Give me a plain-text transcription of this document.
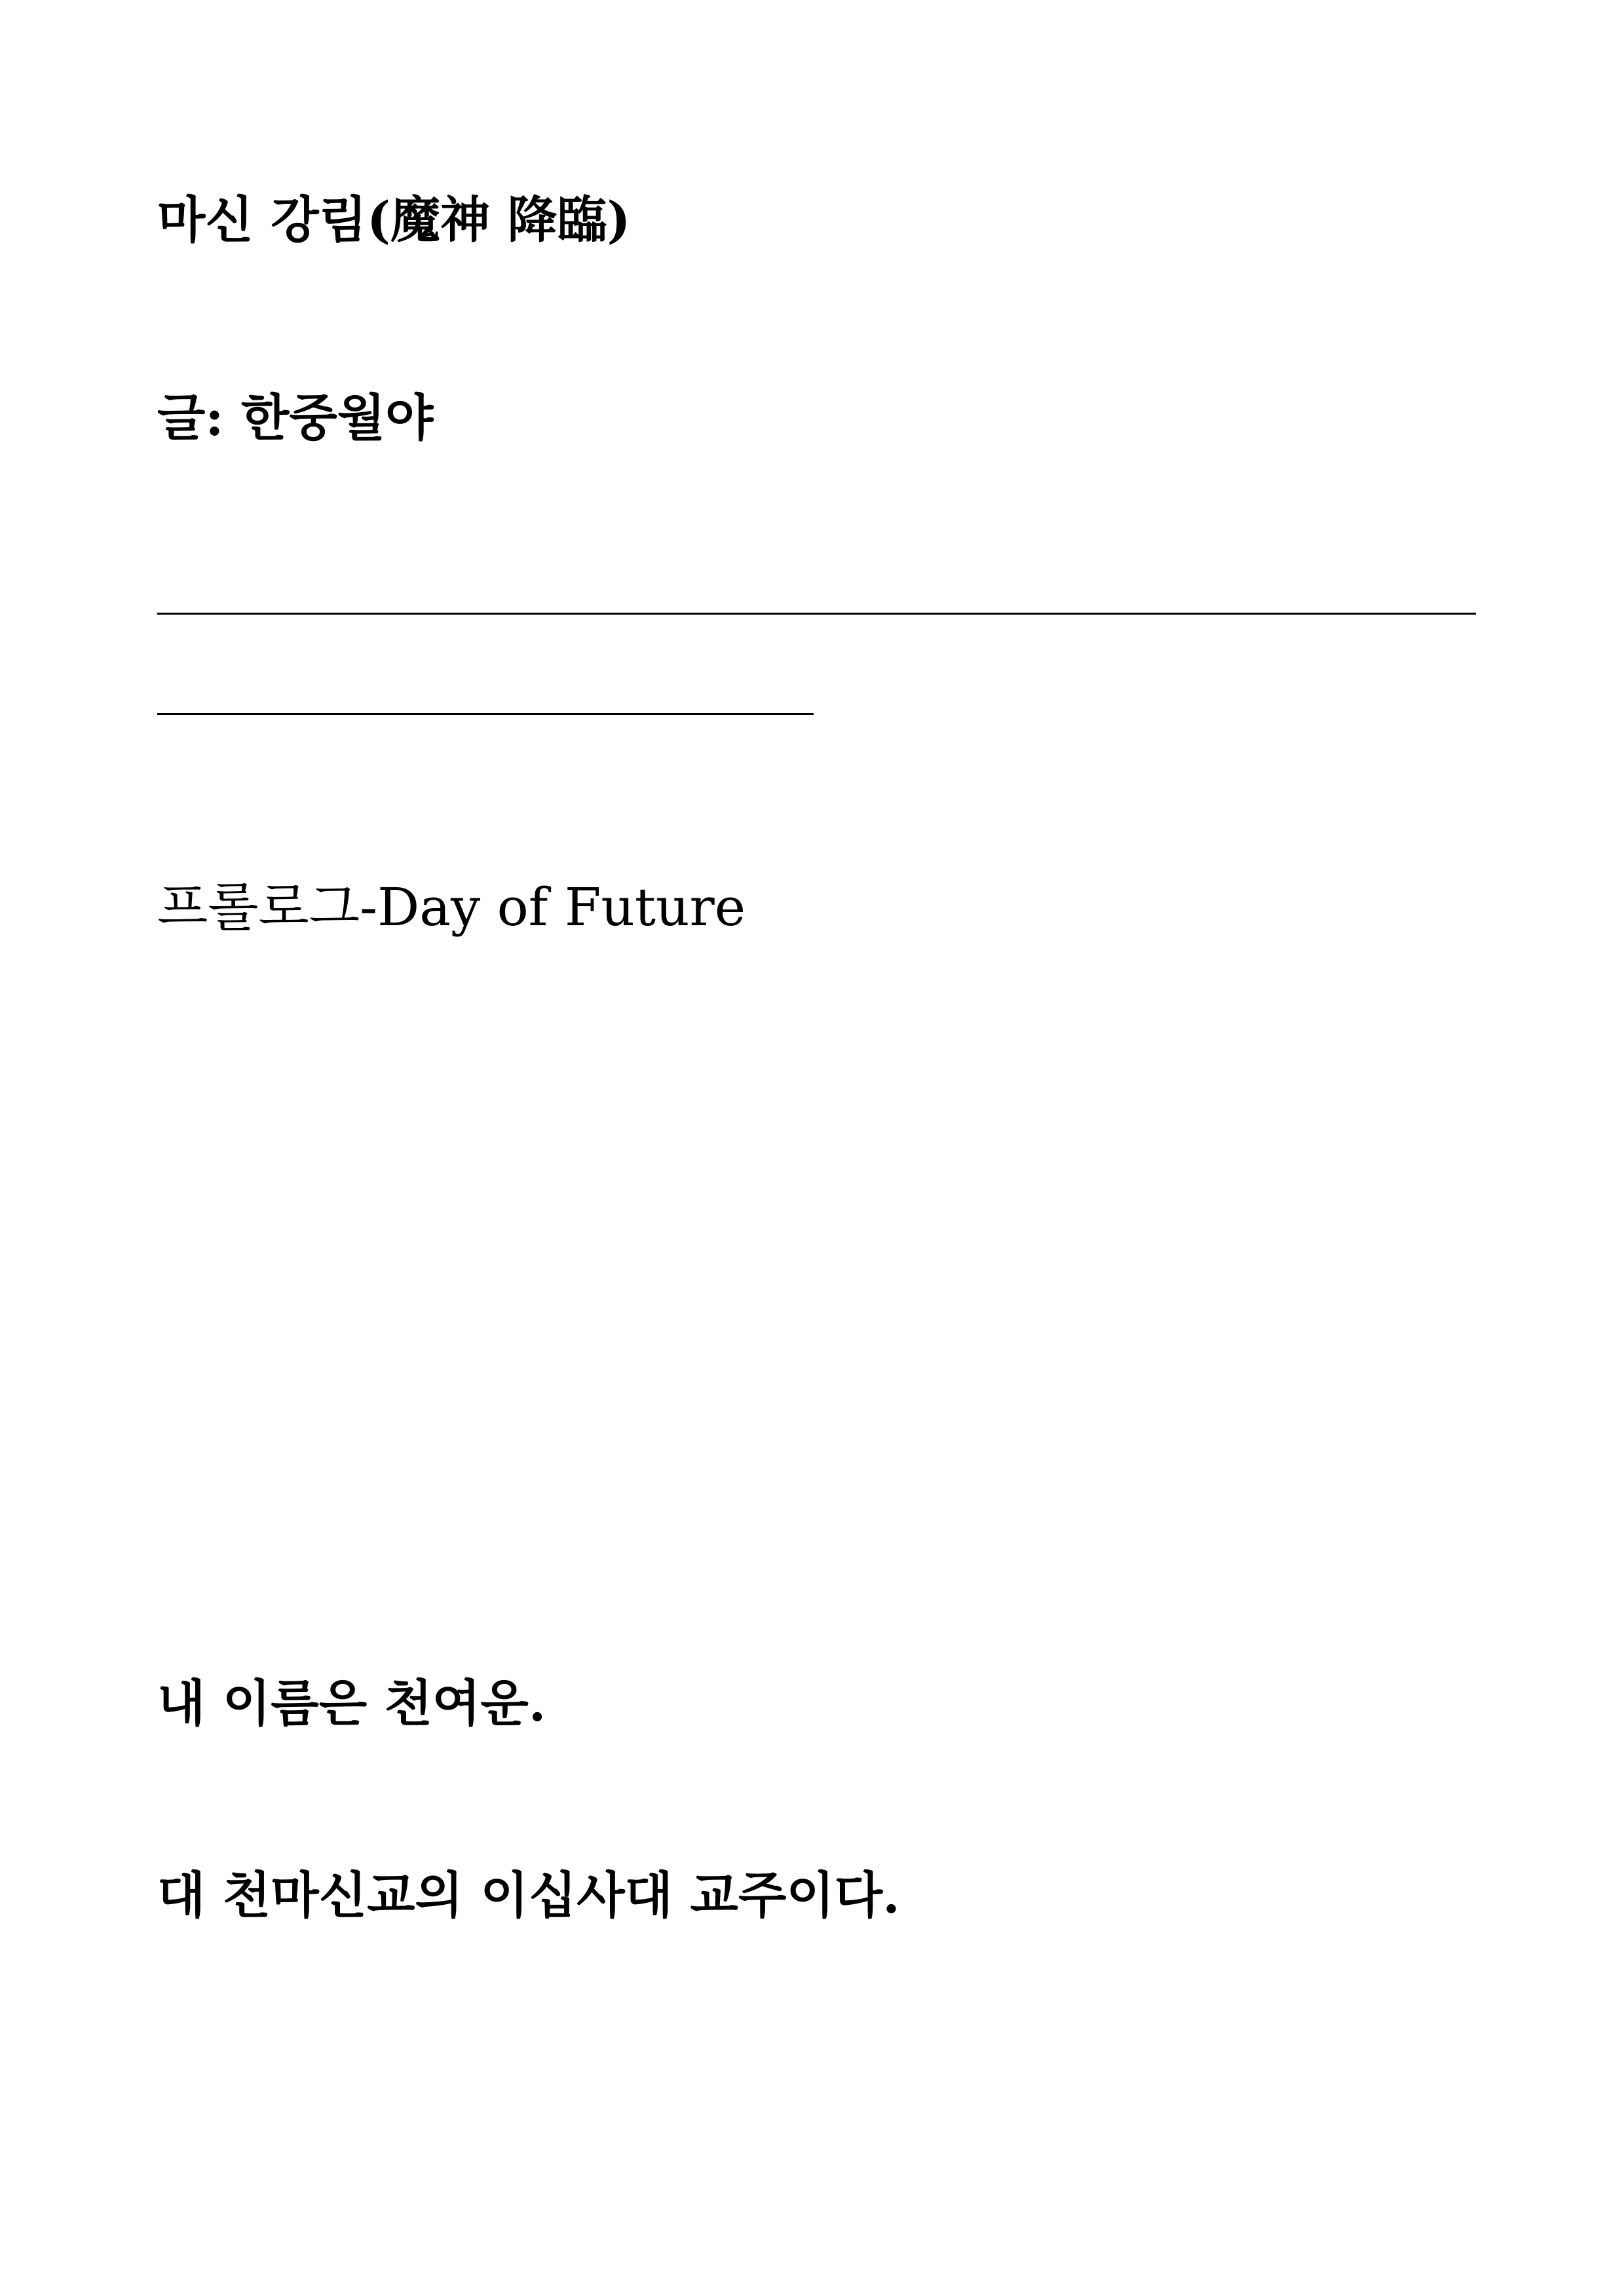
마신 강림(魔神 降臨)

글: 한중월야

프롤로그-Day of Future

내 이름은 천여운.

대 천마신교의 이십사대 교주이다.
